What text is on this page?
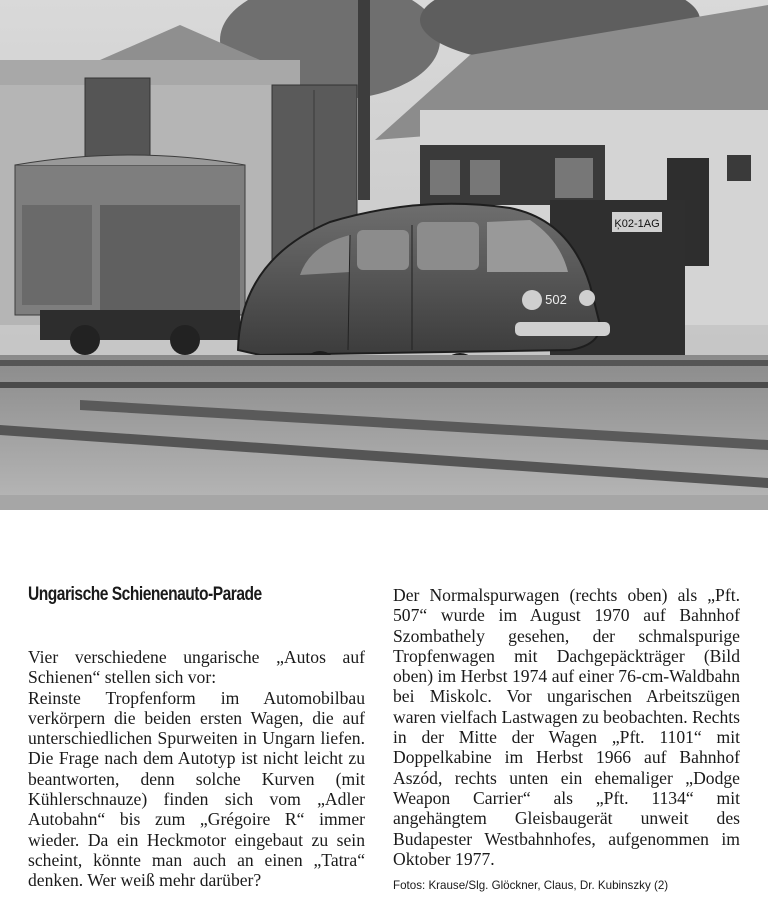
Ķ02-1AG
502
Ungarische Schienenauto-Parade

Vier verschiedene ungarische „Autos auf Schienen“ stellen sich vor:

Reinste Tropfenform im Automobilbau verkörpern die beiden ersten Wagen, die auf unterschiedlichen Spurweiten in Ungarn liefen. Die Frage nach dem Autotyp ist nicht leicht zu beantworten, denn solche Kurven (mit Kühlerschnauze) finden sich vom „Adler Autobahn“ bis zum „Grégoire R“ immer wieder. Da ein Heckmotor eingebaut zu sein scheint, könnte man auch an einen „Tatra“ denken. Wer weiß mehr darüber?

Der Normalspurwagen (rechts oben) als „Pft. 507“ wurde im August 1970 auf Bahnhof Szombathely gesehen, der schmalspurige Tropfenwagen mit Dachgepäckträger (Bild oben) im Herbst 1974 auf einer 76-cm-Waldbahn bei Miskolc. Vor ungarischen Arbeitszügen waren vielfach Lastwagen zu beobachten. Rechts in der Mitte der Wagen „Pft. 1101“ mit Doppelkabine im Herbst 1966 auf Bahnhof Aszód, rechts unten ein ehemaliger „Dodge Weapon Carrier“ als „Pft. 1134“ mit angehängtem Gleisbaugerät unweit des Budapester Westbahnhofes, aufgenommen im Oktober 1977.

Fotos: Krause/Slg. Glöckner, Claus, Dr. Kubinszky (2)
